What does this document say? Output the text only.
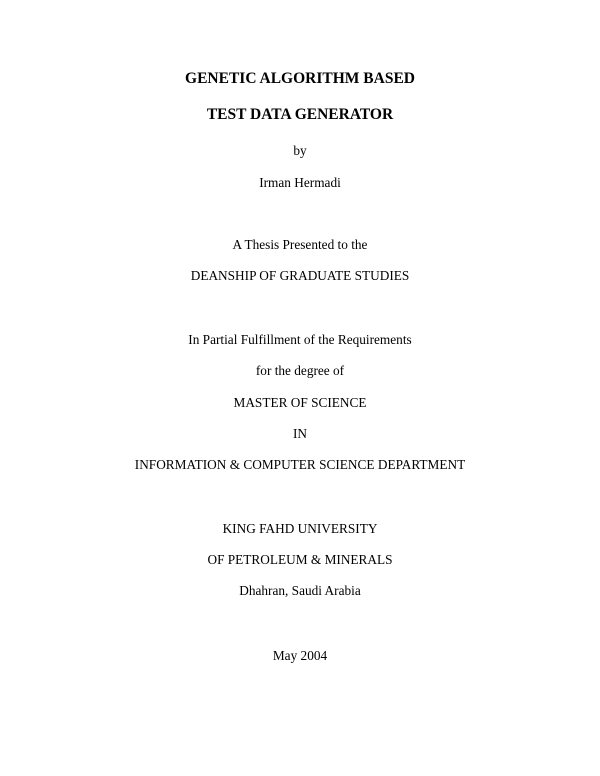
GENETIC ALGORITHM BASED
TEST DATA GENERATOR
by
Irman Hermadi
A Thesis Presented to the
DEANSHIP OF GRADUATE STUDIES
In Partial Fulfillment of the Requirements
for the degree of
MASTER OF SCIENCE
IN
INFORMATION & COMPUTER SCIENCE DEPARTMENT
KING FAHD UNIVERSITY
OF PETROLEUM & MINERALS
Dhahran, Saudi Arabia
May 2004
